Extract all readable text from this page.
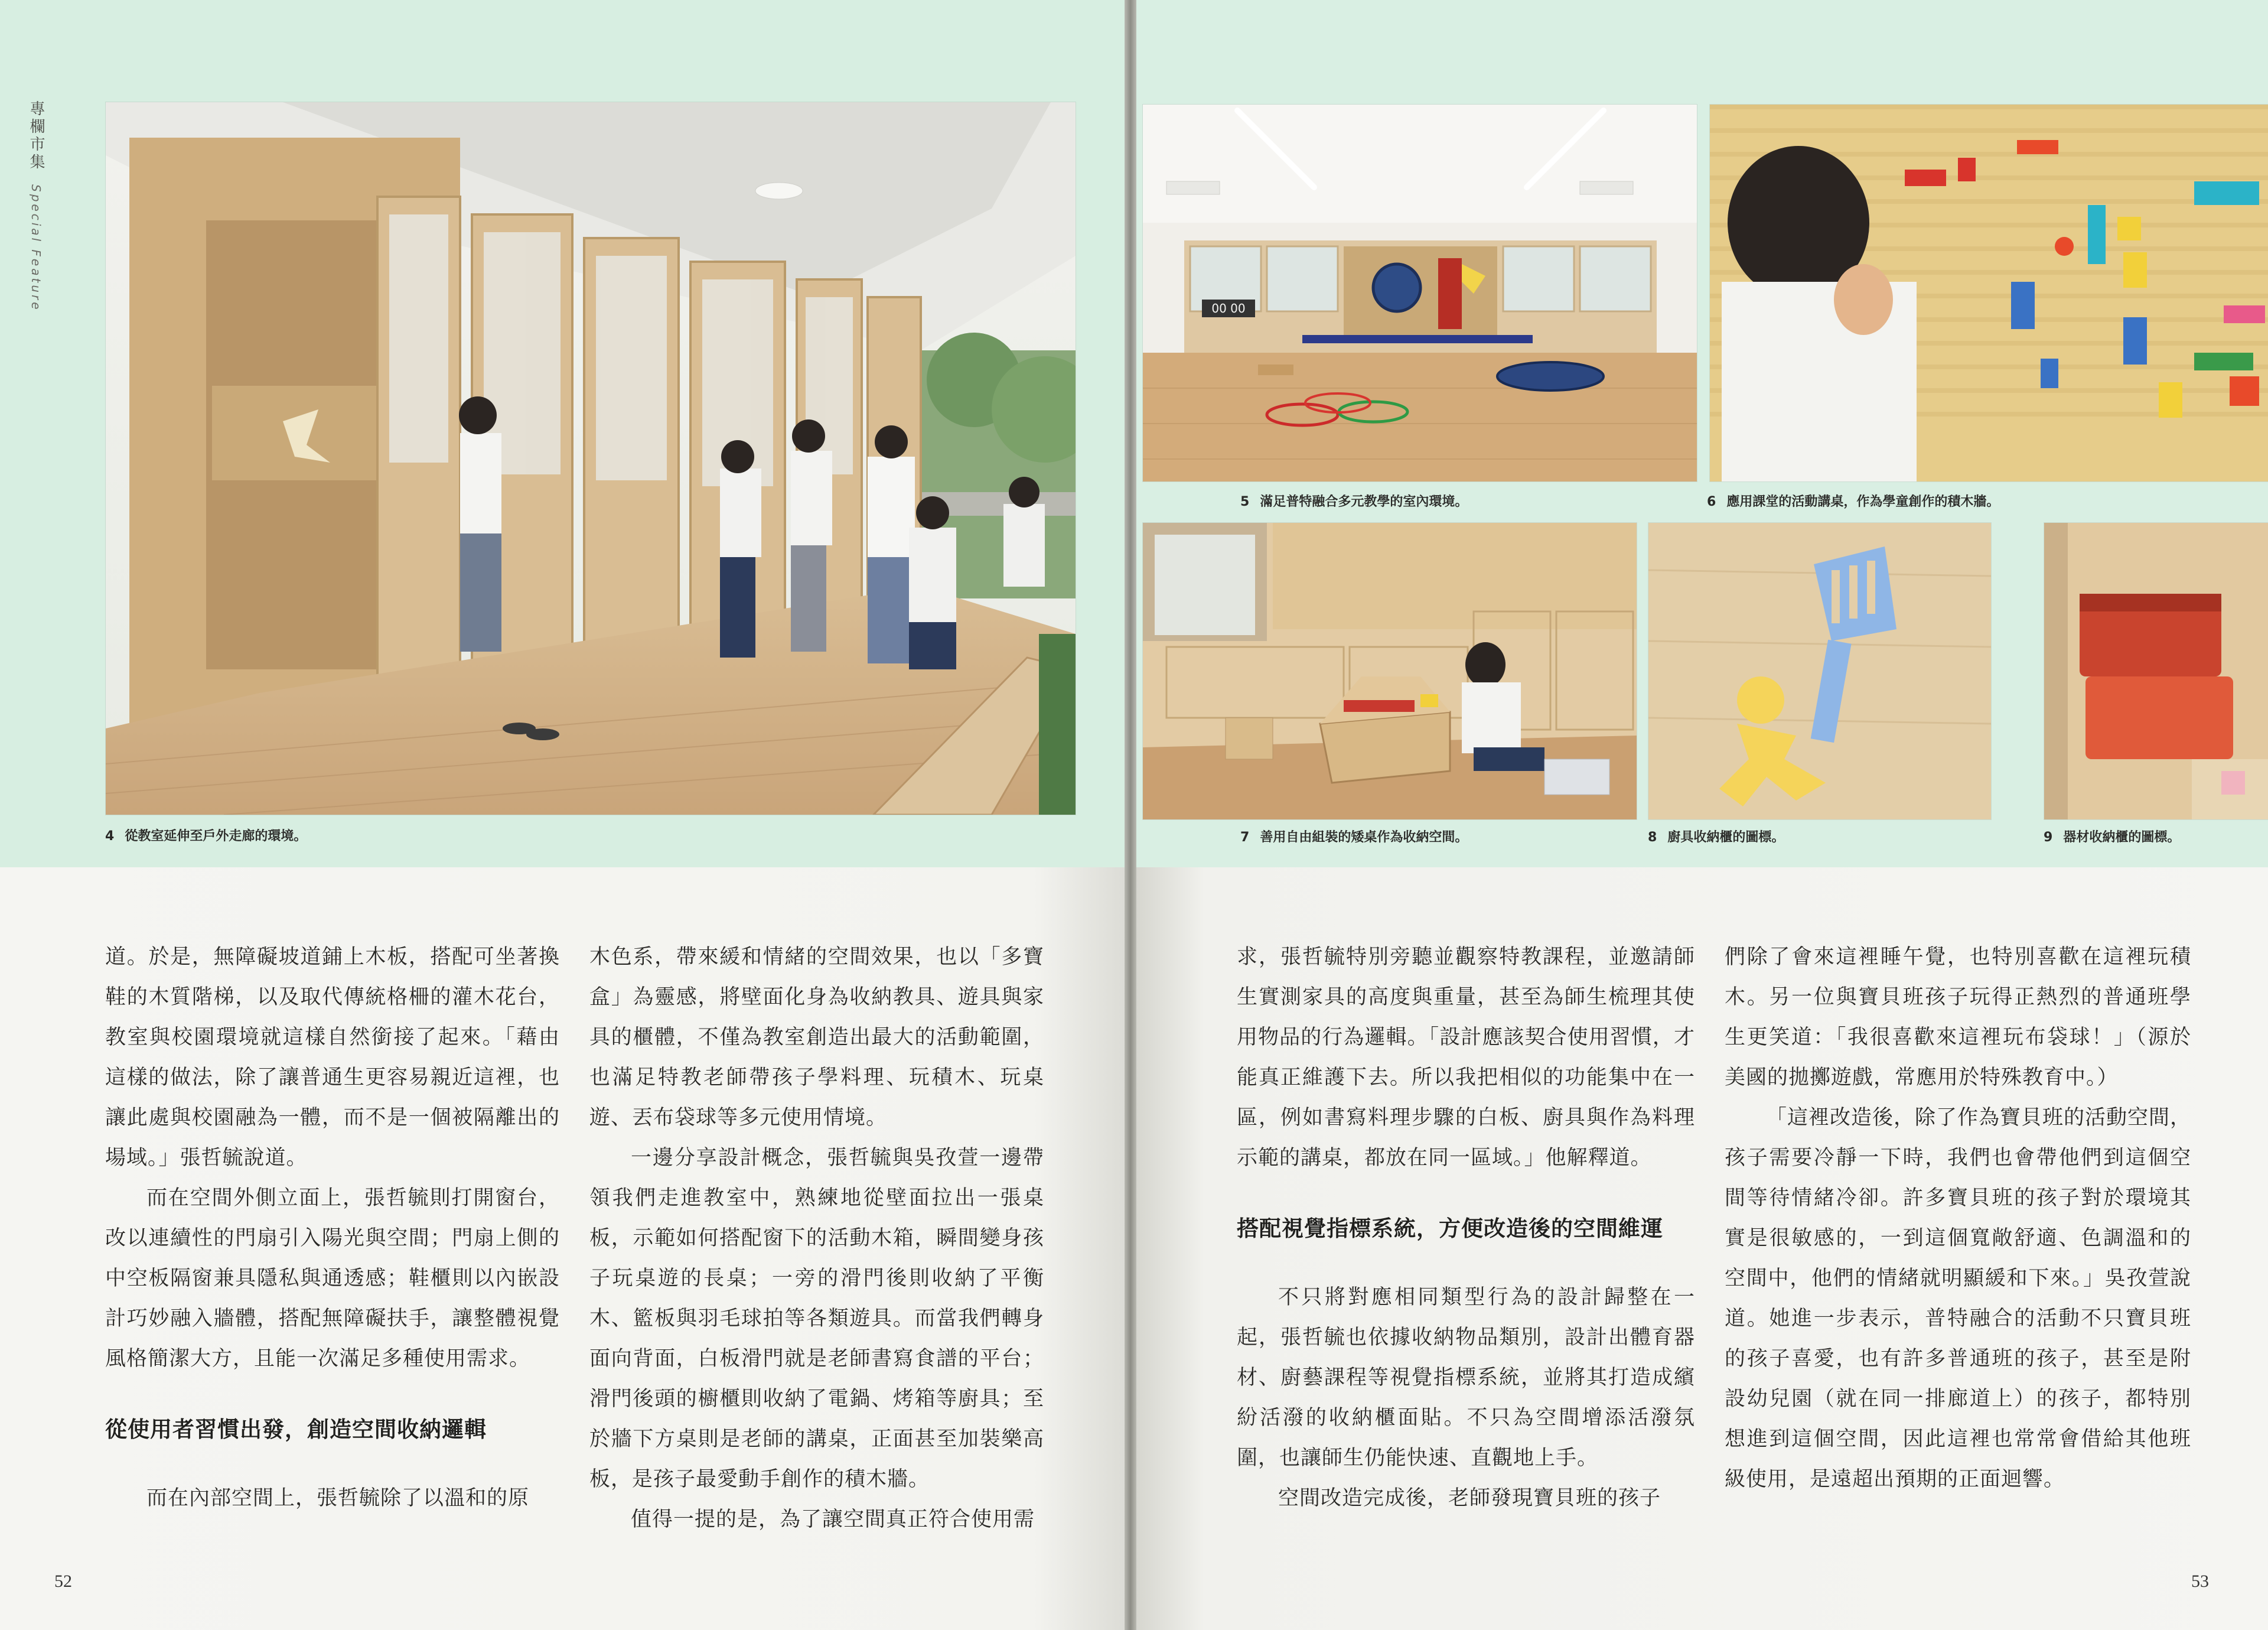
專欄市集 Special Feature
4 從教室延伸至戶外走廊的環境。
00 00
5 滿足普特融合多元教學的室內環境。	6 應用課堂的活動講桌，作為學童創作的積木牆。
7 善用自由組裝的矮桌作為收納空間。	8 廚具收納櫃的圖標。	9 器材收納櫃的圖標。

道。於是，無障礙坡道鋪上木板，搭配可坐著換鞋的木質階梯，以及取代傳統格柵的灌木花台，教室與校園環境就這樣自然銜接了起來。「藉由這樣的做法，除了讓普通生更容易親近這裡，也讓此處與校園融為一體，而不是一個被隔離出的場域。」張哲毓說道。

而在空間外側立面上，張哲毓則打開窗台，改以連續性的門扇引入陽光與空間；門扇上側的中空板隔窗兼具隱私與通透感；鞋櫃則以內嵌設計巧妙融入牆體，搭配無障礙扶手，讓整體視覺風格簡潔大方，且能一次滿足多種使用需求。

從使用者習慣出發，創造空間收納邏輯

而在內部空間上，張哲毓除了以溫和的原

木色系，帶來緩和情緒的空間效果，也以「多寶盒」為靈感，將壁面化身為收納教具、遊具與家具的櫃體，不僅為教室創造出最大的活動範圍，也滿足特教老師帶孩子學料理、玩積木、玩桌遊、丟布袋球等多元使用情境。

一邊分享設計概念，張哲毓與吳孜萱一邊帶領我們走進教室中，熟練地從壁面拉出一張桌板，示範如何搭配窗下的活動木箱，瞬間變身孩子玩桌遊的長桌；一旁的滑門後則收納了平衡木、籃板與羽毛球拍等各類遊具。而當我們轉身面向背面，白板滑門就是老師書寫食譜的平台；滑門後頭的櫥櫃則收納了電鍋、烤箱等廚具；至於牆下方桌則是老師的講桌，正面甚至加裝樂高板，是孩子最愛動手創作的積木牆。

值得一提的是，為了讓空間真正符合使用需

求，張哲毓特別旁聽並觀察特教課程，並邀請師生實測家具的高度與重量，甚至為師生梳理其使用物品的行為邏輯。「設計應該契合使用習慣，才能真正維護下去。所以我把相似的功能集中在一區，例如書寫料理步驟的白板、廚具與作為料理示範的講桌，都放在同一區域。」他解釋道。

搭配視覺指標系統，方便改造後的空間維運

不只將對應相同類型行為的設計歸整在一起，張哲毓也依據收納物品類別，設計出體育器材、廚藝課程等視覺指標系統，並將其打造成繽紛活潑的收納櫃面貼。不只為空間增添活潑氛圍，也讓師生仍能快速、直觀地上手。

空間改造完成後，老師發現寶貝班的孩子

們除了會來這裡睡午覺，也特別喜歡在這裡玩積木。另一位與寶貝班孩子玩得正熱烈的普通班學生更笑道：「我很喜歡來這裡玩布袋球！」（源於美國的拋擲遊戲，常應用於特殊教育中。）

「這裡改造後，除了作為寶貝班的活動空間，孩子需要冷靜一下時，我們也會帶他們到這個空間等待情緒冷卻。許多寶貝班的孩子對於環境其實是很敏感的，一到這個寬敞舒適、色調溫和的空間中，他們的情緒就明顯緩和下來。」吳孜萱說道。她進一步表示，普特融合的活動不只寶貝班的孩子喜愛，也有許多普通班的孩子，甚至是附設幼兒園（就在同一排廊道上）的孩子，都特別想進到這個空間，因此這裡也常常會借給其他班級使用，是遠超出預期的正面迴響。

52	53
